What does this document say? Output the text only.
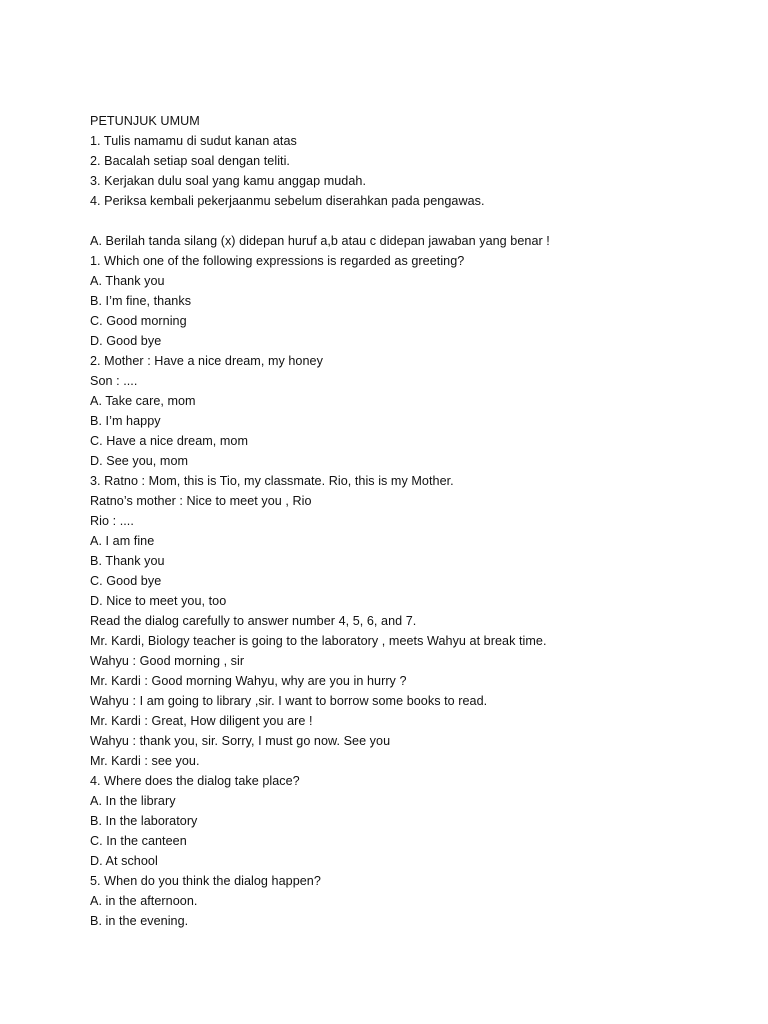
PETUNJUK UMUM
1. Tulis namamu di sudut kanan atas
2. Bacalah setiap soal dengan teliti.
3. Kerjakan dulu soal yang kamu anggap mudah.
4. Periksa kembali pekerjaanmu sebelum diserahkan pada pengawas.
A. Berilah tanda silang (x) didepan huruf a,b atau c didepan jawaban yang benar !
1. Which one of the following expressions is regarded as greeting?
A. Thank you
B. I’m fine, thanks
C. Good morning
D. Good bye
2. Mother : Have a nice dream, my honey
Son : ....
A. Take care, mom
B. I’m happy
C. Have a nice dream, mom
D. See you, mom
3. Ratno : Mom, this is Tio, my classmate. Rio, this is my Mother.
Ratno’s mother : Nice to meet you , Rio
Rio : ....
A. I am fine
B. Thank you
C. Good bye
D. Nice to meet you, too
Read the dialog carefully to answer number 4, 5, 6, and 7.
Mr. Kardi, Biology teacher is going to the laboratory , meets Wahyu at break time.
Wahyu : Good morning , sir
Mr. Kardi : Good morning Wahyu, why are you in hurry ?
Wahyu : I am going to library ,sir. I want to borrow some books to read.
Mr. Kardi : Great, How diligent you are !
Wahyu : thank you, sir. Sorry, I must go now. See you
Mr. Kardi : see you.
4. Where does the dialog take place?
A. In the library
B. In the laboratory
C. In the canteen
D. At school
5. When do you think the dialog happen?
A. in the afternoon.
B. in the evening.
